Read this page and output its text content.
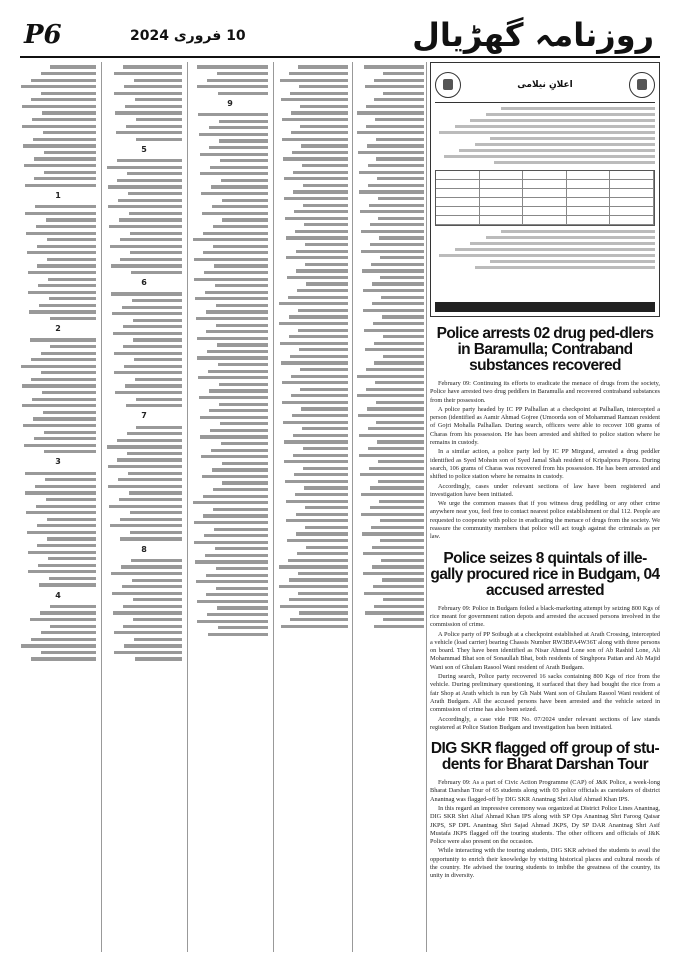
P6	10 فروری 2024	روزنامہ گھڑیال
1
2
3
4
5
6
7
8
9
اعلانِ نیلامی
Police arrests 02 drug ped-dlers in Baramulla; Contraband substances recovered

February 09: Continuing its efforts to eradicate the menace of drugs from the society, Police have arrested two drug peddlers in Baramulla and recovered contraband substances from their possession.

A police party headed by IC PP Palhallan at a checkpoint at Palhallan, intercepted a person (identified as Aamir Ahmad Gojree (Umoorda son of Mohammad Ramzan resident of Gojri Mohalla Palhallan. During search, officers were able to recover 108 grams of Charas from his possession. He has been arrested and shifted to police station where he remains in custody.

In a similar action, a police party led by IC PP Mirgund, arrested a drug peddler identified as Syed Mohsin son of Syed Jamal Shah resident of Kripalpora Pipora. During search, 106 grams of Charas was recovered from his possession. He has been arrested and shifted to police station where he remains in custody.

Accordingly, cases under relevant sections of law have been registered and investigation have been initiated.

We urge the common masses that if you witness drug peddling or any other crime anywhere near you, feel free to contact nearest police establishment or dial 112. People are requested to cooperate with police in eradicating the menace of drugs from the society. We reassure the community members that police will act tough against the criminals as per law.

Police seizes 8 quintals of ille-gally procured rice in Budgam, 04 accused arrested

February 09: Police in Budgam foiled a black-marketing attempt by seizing 800 Kgs of rice meant for government ration depots and arrested the accused persons involved in the commission of crime.

A Police party of PP Soibugh at a checkpoint established at Arath Crossing, intercepted a vehicle (load carrier) bearing Chassis Number RW3BFA4W36T along with three persons on board. They have been identified as Nisar Ahmad Lone son of Ab Rashid Lone, Ali Mohammad Bhat son of Sonaullah Bhat, both residents of Singhpora Pattan and Ab Majid Wani son of Ghulam Rasool Wani resident of Arath Budgam.

During search, Police party recovered 16 sacks containing 800 Kgs of rice from the vehicle. During preliminary questioning, it surfaced that they had bought the rice from a fair Shop at Arath which is run by Gh Nabi Wani son of Ghulam Rasool Wani resident of Arath Budgam. All the accused persons have been arrested and the vehicle seized in commission of crime has also been seized.

Accordingly, a case vide FIR No. 07/2024 under relevant sections of law stands registered at Police Station Budgam and investigation has been initiated.

DIG SKR flagged off group of stu-dents for Bharat Darshan Tour

February 09: As a part of Civic Action Programme (CAP) of J&K Police, a week-long Bharat Darshan Tour of 65 students along with 03 police officials as caretakers of district Anantnag was flagged-off by DIG SKR Anantnag Shri Altaf Ahmad Khan IPS.

In this regard an impressive ceremony was organized at District Police Lines Anantnag, DIG SKR Shri Altaf Ahmad Khan IPS along with SP Ops Anantnag Shri Faroog Qaisar JKPS, SP DPL Anantnag Shri Sajad Ahmad JKPS, Dy SP DAR Anantnag Shri Asif Mustafa JKPS flagged off the touring students. The other officers and officials of J&K Police were also present on the occasion.

While interacting with the touring students, DIG SKR advised the students to avail the opportunity to enrich their knowledge by visiting historical places and cultural moods of the country. He advised the touring students to imbibe the greatness of the country, its unity in diversity.
